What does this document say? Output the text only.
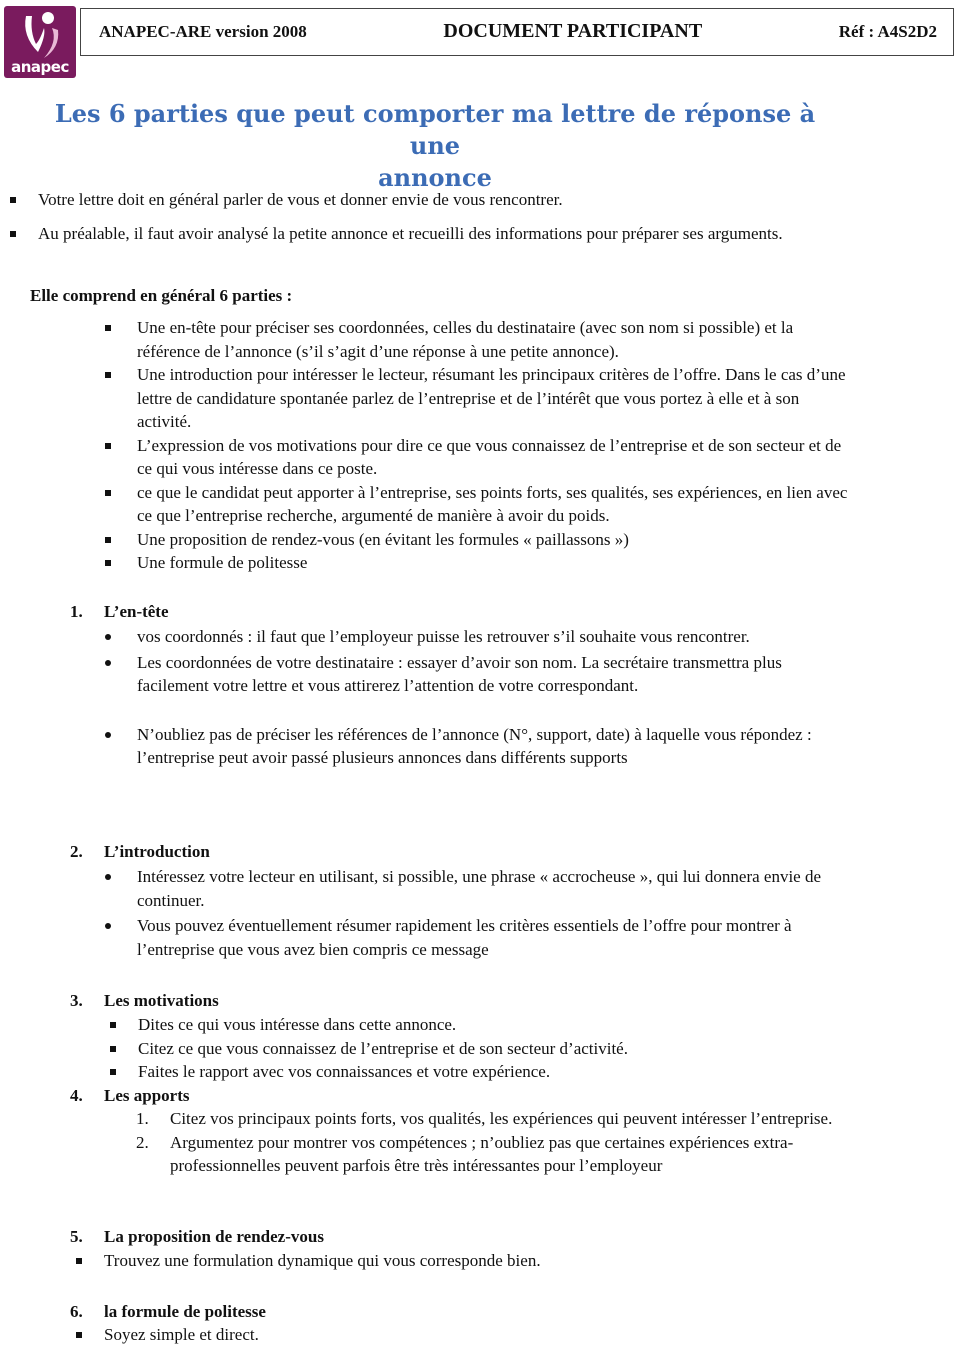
anapec
ANAPEC-ARE version 2008	DOCUMENT PARTICIPANT	Réf : A4S2D2
Les 6 parties que peut comporter ma lettre de réponse à une
annonce
Votre lettre doit en général parler de vous et donner envie de vous rencontrer.
Au préalable, il faut avoir analysé la petite annonce et recueilli des informations pour préparer ses arguments.
Elle comprend en général 6 parties :
Une en-tête pour préciser ses coordonnées, celles du destinataire (avec son nom si possible) et la référence de l’annonce (s’il s’agit d’une réponse à une petite annonce).
Une introduction pour intéresser le lecteur, résumant les principaux critères de l’offre. Dans le cas d’une lettre de candidature spontanée parlez de l’entreprise et de l’intérêt que vous portez à elle et à son activité.
L’expression de vos motivations pour dire ce que vous connaissez de l’entreprise et de son secteur et de ce qui vous intéresse dans ce poste.
ce que le candidat peut apporter à l’entreprise, ses points forts, ses qualités, ses expériences, en lien avec ce que l’entreprise recherche, argumenté de manière à avoir du poids.
Une proposition de rendez-vous (en évitant les formules « paillassons »)
Une formule de politesse
1. L’en-tête
vos coordonnés : il faut que l’employeur puisse les retrouver s’il souhaite vous rencontrer.
Les coordonnées de votre destinataire : essayer d’avoir son nom. La secrétaire transmettra plus facilement votre lettre et vous attirerez l’attention de votre correspondant.
N’oubliez pas de préciser les références de l’annonce (N°, support, date) à laquelle vous répondez : l’entreprise peut avoir passé plusieurs annonces dans différents supports
2. L’introduction
Intéressez votre lecteur en utilisant, si possible, une phrase « accrocheuse », qui lui donnera envie de continuer.
Vous pouvez éventuellement résumer rapidement les critères essentiels de l’offre pour montrer à l’entreprise que vous avez bien compris ce message
3. Les motivations
Dites ce qui vous intéresse dans cette annonce.
Citez ce que vous connaissez de l’entreprise et de son secteur d’activité.
Faites le rapport avec vos connaissances et votre expérience.
4. Les apports
1. Citez vos principaux points forts, vos qualités, les expériences qui peuvent intéresser l’entreprise.
2. Argumentez pour montrer vos compétences ; n’oubliez pas que certaines expériences extra-professionnelles peuvent parfois être très intéressantes pour l’employeur
5. La proposition de rendez-vous
Trouvez une formulation dynamique qui vous corresponde bien.
6. la formule de politesse
Soyez simple et direct.
